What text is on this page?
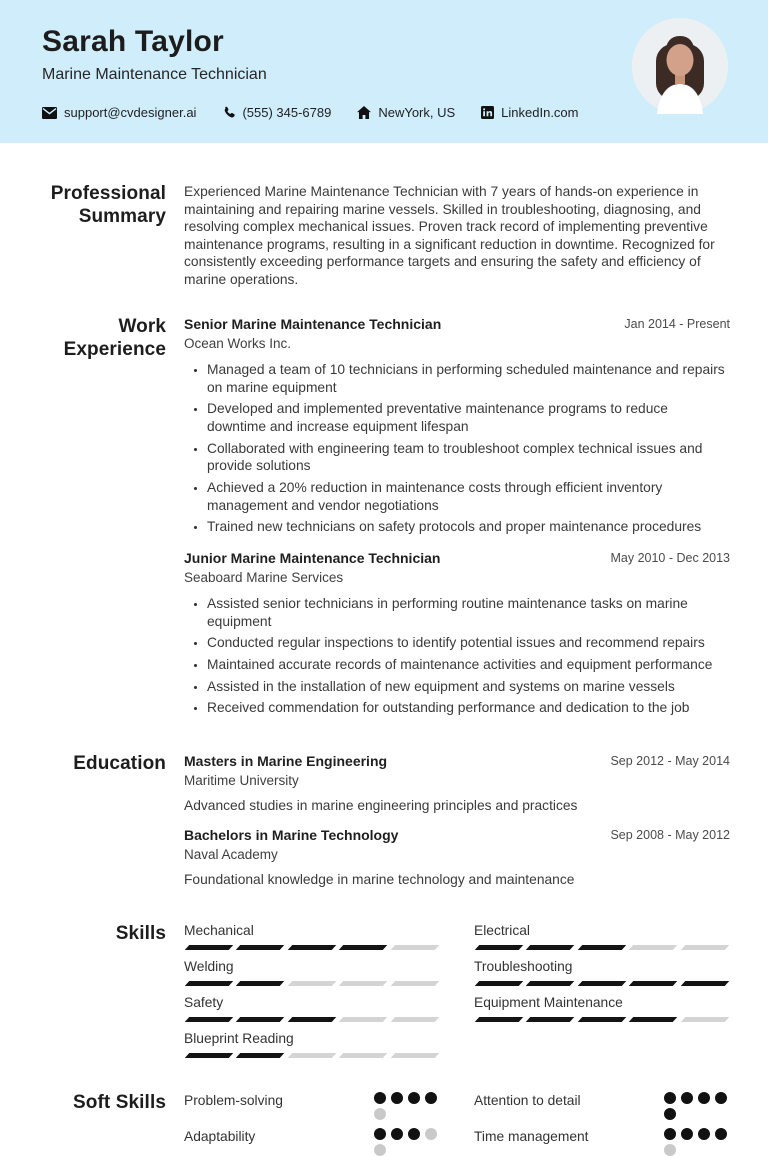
Sarah Taylor
Marine Maintenance Technician
support@cvdesigner.ai	(555) 345-6789	NewYork, US	LinkedIn.com
Professional Summary
Experienced Marine Maintenance Technician with 7 years of hands-on experience in maintaining and repairing marine vessels. Skilled in troubleshooting, diagnosing, and resolving complex mechanical issues. Proven track record of implementing preventive maintenance programs, resulting in a significant reduction in downtime. Recognized for consistently exceeding performance targets and ensuring the safety and efficiency of marine operations.
Work Experience
Senior Marine Maintenance Technician	Jan 2014 - Present
Ocean Works Inc.
• Managed a team of 10 technicians in performing scheduled maintenance and repairs on marine equipment
• Developed and implemented preventative maintenance programs to reduce downtime and increase equipment lifespan
• Collaborated with engineering team to troubleshoot complex technical issues and provide solutions
• Achieved a 20% reduction in maintenance costs through efficient inventory management and vendor negotiations
• Trained new technicians on safety protocols and proper maintenance procedures
Junior Marine Maintenance Technician	May 2010 - Dec 2013
Seaboard Marine Services
• Assisted senior technicians in performing routine maintenance tasks on marine equipment
• Conducted regular inspections to identify potential issues and recommend repairs
• Maintained accurate records of maintenance activities and equipment performance
• Assisted in the installation of new equipment and systems on marine vessels
• Received commendation for outstanding performance and dedication to the job
Education Masters in Marine Engineering	Sep 2012 - May 2014
Maritime University
Advanced studies in marine engineering principles and practices
Bachelors in Marine Technology	Sep 2008 - May 2012
Naval Academy
Foundational knowledge in marine technology and maintenance
Skills Mechanical	Electrical
Welding	Troubleshooting
Safety	Equipment Maintenance
Blueprint Reading
Soft Skills Problem-solving	Attention to detail
Adaptability	Time management
